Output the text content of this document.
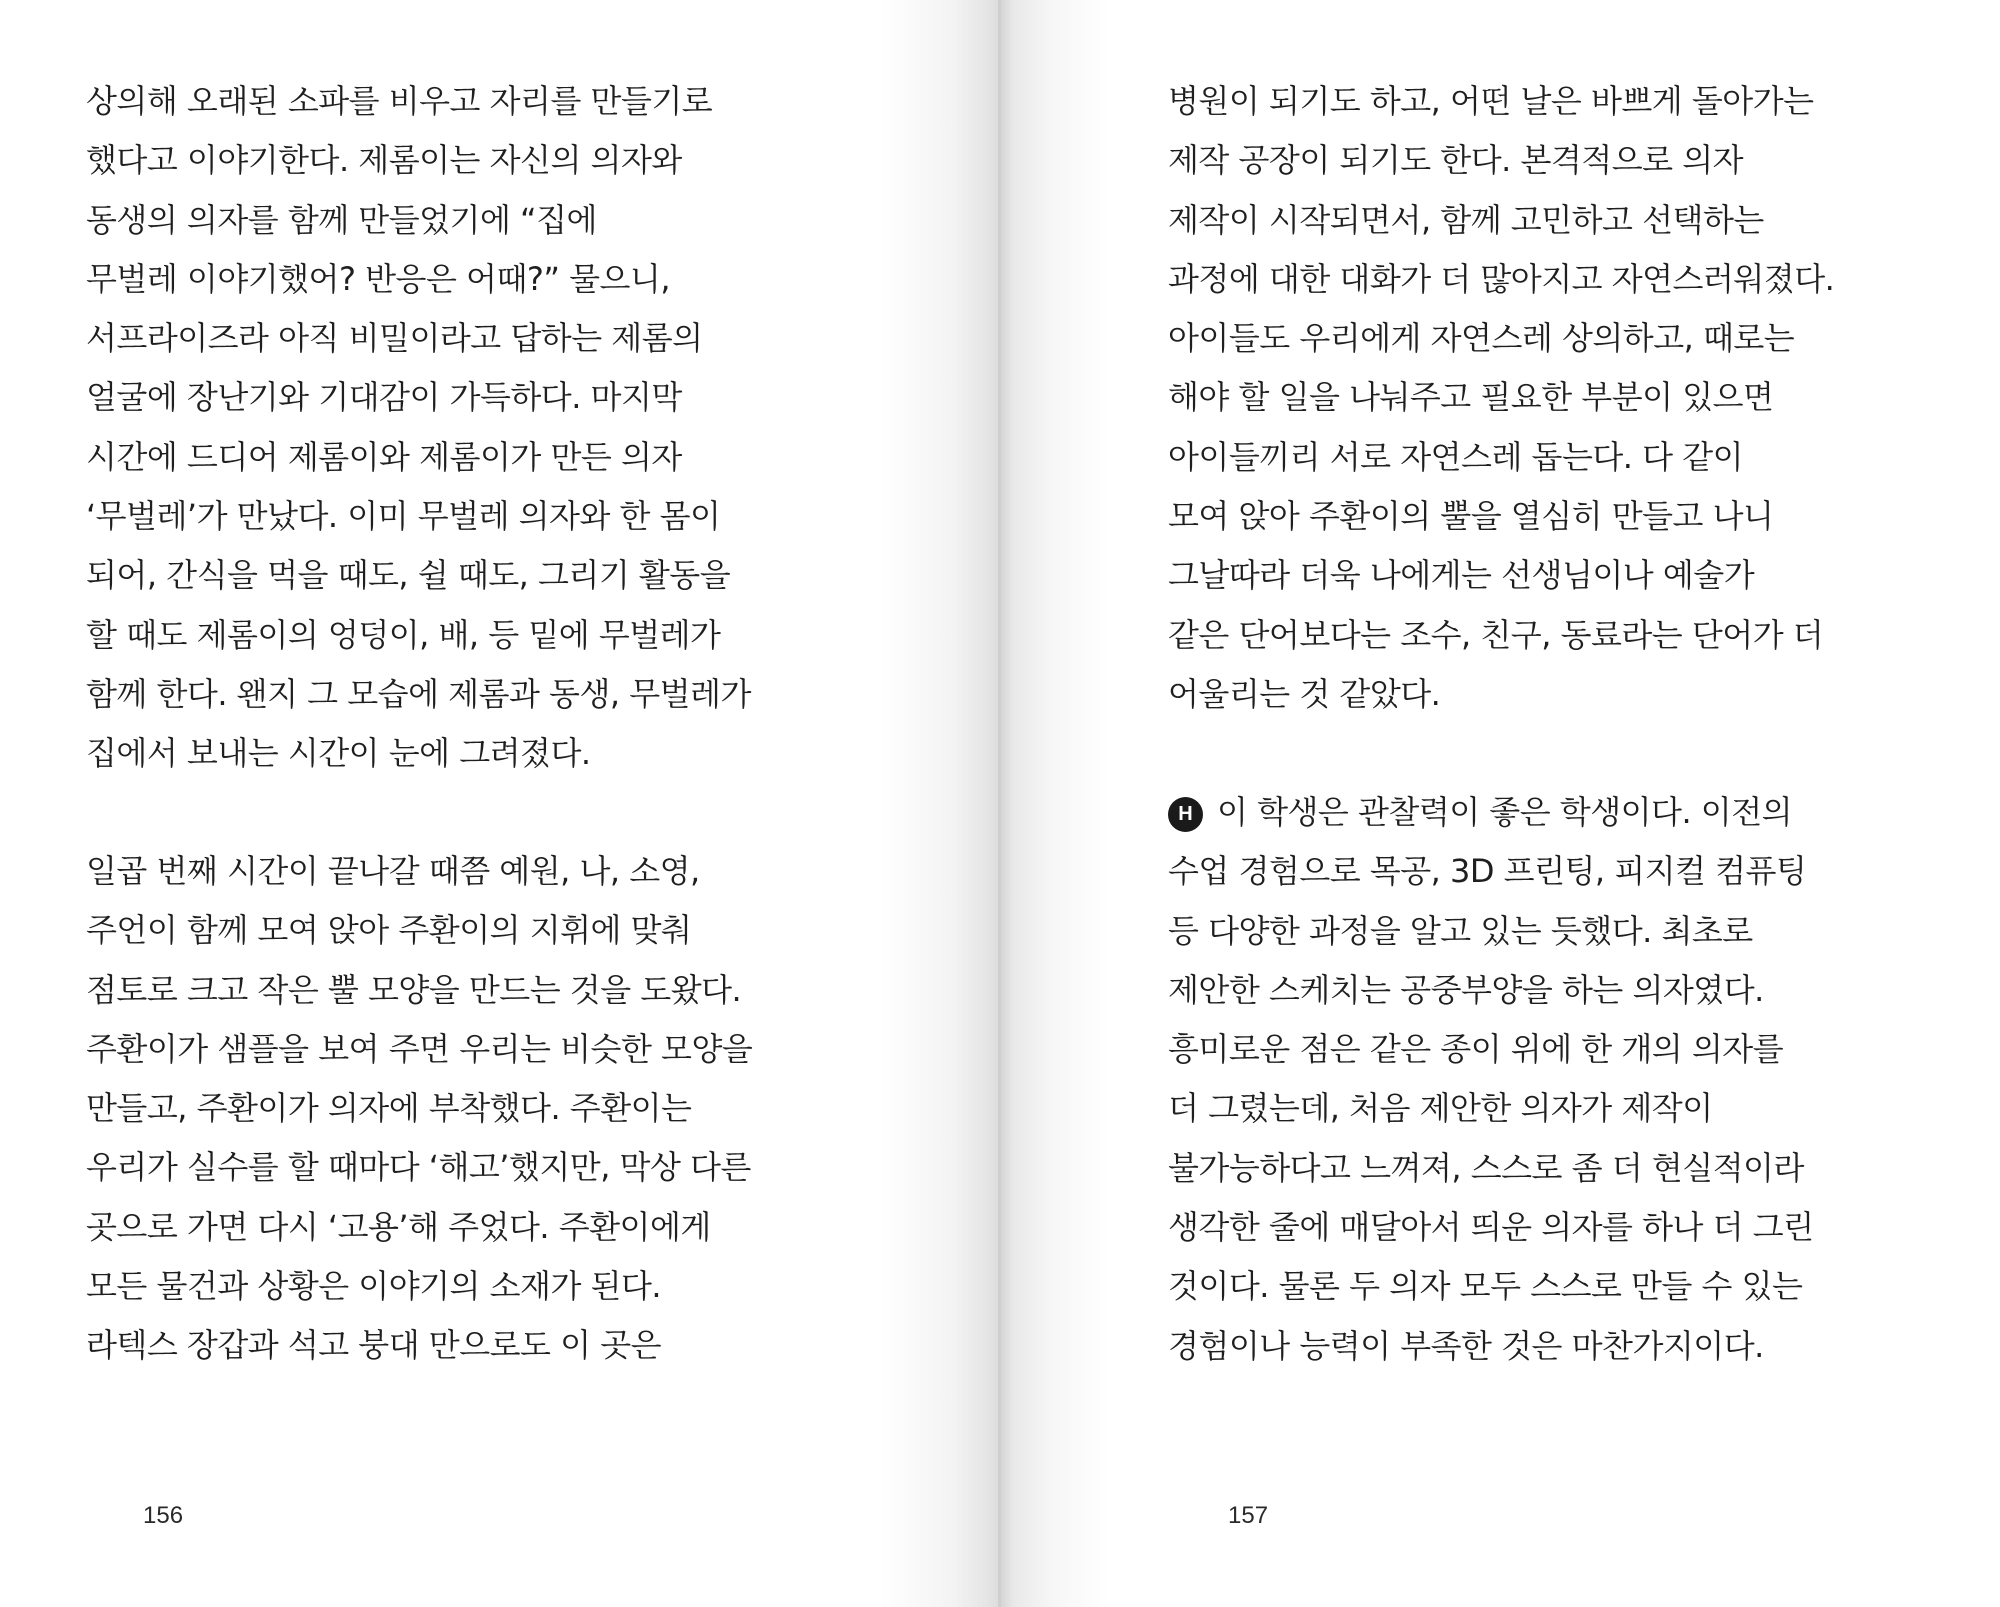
상의해 오래된 소파를 비우고 자리를 만들기로
했다고 이야기한다. 제롬이는 자신의 의자와
동생의 의자를 함께 만들었기에 “집에
무벌레 이야기했어? 반응은 어때?” 물으니,
서프라이즈라 아직 비밀이라고 답하는 제롬의
얼굴에 장난기와 기대감이 가득하다. 마지막
시간에 드디어 제롬이와 제롬이가 만든 의자
‘무벌레’가 만났다. 이미 무벌레 의자와 한 몸이
되어, 간식을 먹을 때도, 쉴 때도, 그리기 활동을
할 때도 제롬이의 엉덩이, 배, 등 밑에 무벌레가
함께 한다. 왠지 그 모습에 제롬과 동생, 무벌레가
집에서 보내는 시간이 눈에 그려졌다.
일곱 번째 시간이 끝나갈 때쯤 예원, 나, 소영,
주언이 함께 모여 앉아 주환이의 지휘에 맞춰
점토로 크고 작은 뿔 모양을 만드는 것을 도왔다.
주환이가 샘플을 보여 주면 우리는 비슷한 모양을
만들고, 주환이가 의자에 부착했다. 주환이는
우리가 실수를 할 때마다 ‘해고’했지만, 막상 다른
곳으로 가면 다시 ‘고용’해 주었다. 주환이에게
모든 물건과 상황은 이야기의 소재가 된다.
라텍스 장갑과 석고 붕대 만으로도 이 곳은
156
병원이 되기도 하고, 어떤 날은 바쁘게 돌아가는
제작 공장이 되기도 한다. 본격적으로 의자
제작이 시작되면서, 함께 고민하고 선택하는
과정에 대한 대화가 더 많아지고 자연스러워졌다.
아이들도 우리에게 자연스레 상의하고, 때로는
해야 할 일을 나눠주고 필요한 부분이 있으면
아이들끼리 서로 자연스레 돕는다. 다 같이
모여 앉아 주환이의 뿔을 열심히 만들고 나니
그날따라 더욱 나에게는 선생님이나 예술가
같은 단어보다는 조수, 친구, 동료라는 단어가 더
어울리는 것 같았다.
H 이 학생은 관찰력이 좋은 학생이다. 이전의
수업 경험으로 목공, 3D 프린팅, 피지컬 컴퓨팅
등 다양한 과정을 알고 있는 듯했다. 최초로
제안한 스케치는 공중부양을 하는 의자였다.
흥미로운 점은 같은 종이 위에 한 개의 의자를
더 그렸는데, 처음 제안한 의자가 제작이
불가능하다고 느껴져, 스스로 좀 더 현실적이라
생각한 줄에 매달아서 띄운 의자를 하나 더 그린
것이다. 물론 두 의자 모두 스스로 만들 수 있는
경험이나 능력이 부족한 것은 마찬가지이다.
157
